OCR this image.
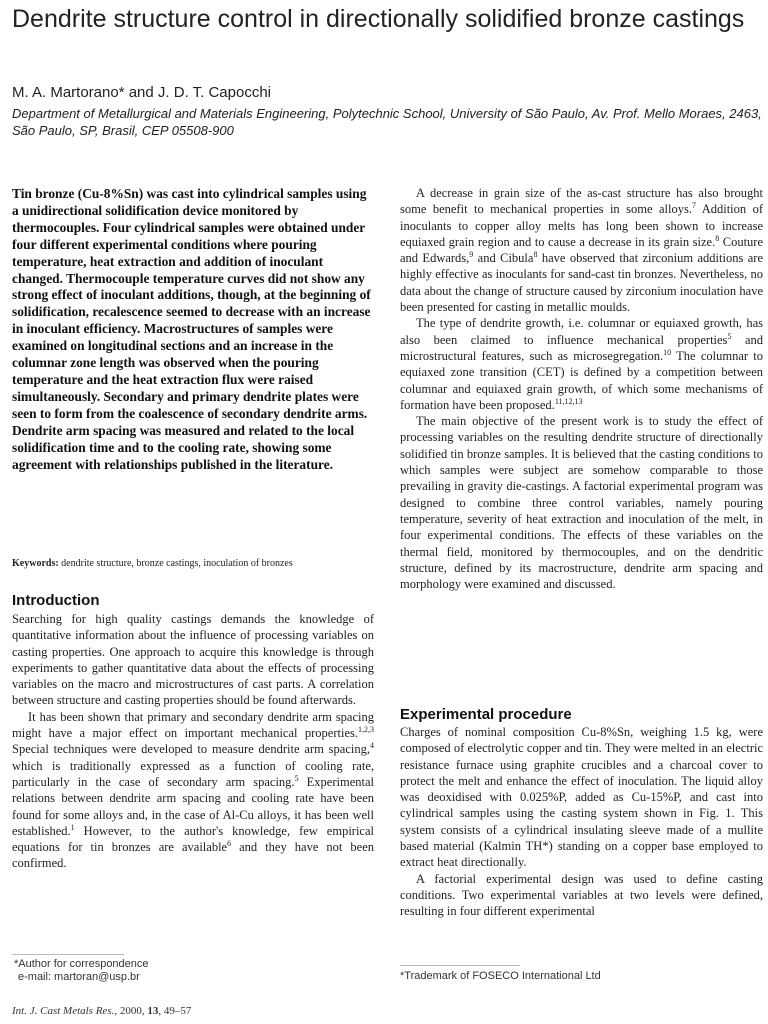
Dendrite structure control in directionally solidified bronze castings
M. A. Martorano* and J. D. T. Capocchi
Department of Metallurgical and Materials Engineering, Polytechnic School, University of São Paulo, Av. Prof. Mello Moraes, 2463, São Paulo, SP, Brasil, CEP 05508-900

Tin bronze (Cu-8%Sn) was cast into cylindrical samples using a unidirectional solidification device monitored by thermocouples. Four cylindrical samples were obtained under four different experimental conditions where pouring temperature, heat extraction and addition of inoculant changed. Thermocouple temperature curves did not show any strong effect of inoculant additions, though, at the beginning of solidification, recalescence seemed to decrease with an increase in inoculant efficiency. Macrostructures of samples were examined on longitudinal sections and an increase in the columnar zone length was observed when the pouring temperature and the heat extraction flux were raised simultaneously. Secondary and primary dendrite plates were seen to form from the coalescence of secondary dendrite arms. Dendrite arm spacing was measured and related to the local solidification time and to the cooling rate, showing some agreement with relationships published in the literature.

Keywords: dendrite structure, bronze castings, inoculation of bronzes
Introduction

Searching for high quality castings demands the knowledge of quantitative information about the influence of processing variables on casting properties. One approach to acquire this knowledge is through experiments to gather quantitative data about the effects of processing variables on the macro and microstructures of cast parts. A correlation between structure and casting properties should be found afterwards.

It has been shown that primary and secondary dendrite arm spacing might have a major effect on important mechanical properties.$^{1,2,3}$ Special techniques were developed to measure dendrite arm spacing,$^4$ which is traditionally expressed as a function of cooling rate, particularly in the case of secondary arm spacing.$^5$ Experimental relations between dendrite arm spacing and cooling rate have been found for some alloys and, in the case of Al-Cu alloys, it has been well established.$^1$ However, to the author's knowledge, few empirical equations for tin bronzes are available$^6$ and they have not been confirmed.

A decrease in grain size of the as-cast structure has also brought some benefit to mechanical properties in some alloys.$^7$ Addition of inoculants to copper alloy melts has long been shown to increase equiaxed grain region and to cause a decrease in its grain size.$^8$ Couture and Edwards,$^9$ and Cibula$^8$ have observed that zirconium additions are highly effective as inoculants for sand-cast tin bronzes. Nevertheless, no data about the change of structure caused by zirconium inoculation have been presented for casting in metallic moulds.

The type of dendrite growth, i.e. columnar or equiaxed growth, has also been claimed to influence mechanical properties$^5$ and microstructural features, such as microsegregation.$^{10}$ The columnar to equiaxed zone transition (CET) is defined by a competition between columnar and equiaxed grain growth, of which some mechanisms of formation have been proposed.$^{11,12,13}$

The main objective of the present work is to study the effect of processing variables on the resulting dendrite structure of directionally solidified tin bronze samples. It is believed that the casting conditions to which samples were subject are somehow comparable to those prevailing in gravity die-castings. A factorial experimental program was designed to combine three control variables, namely pouring temperature, severity of heat extraction and inoculation of the melt, in four experimental conditions. The effects of these variables on the thermal field, monitored by thermocouples, and on the dendritic structure, defined by its macrostructure, dendrite arm spacing and morphology were examined and discussed.

Experimental procedure

Charges of nominal composition Cu-8%Sn, weighing 1.5 kg, were composed of electrolytic copper and tin. They were melted in an electric resistance furnace using graphite crucibles and a charcoal cover to protect the melt and enhance the effect of inoculation. The liquid alloy was deoxidised with 0.025%P, added as Cu-15%P, and cast into cylindrical samples using the casting system shown in Fig. 1. This system consists of a cylindrical insulating sleeve made of a mullite based material (Kalmin TH*) standing on a copper base employed to extract heat directionally.

A factorial experimental design was used to define casting conditions. Two experimental variables at two levels were defined, resulting in four different experimental

*Author for correspondence
e-mail: martoran@usp.br	*Trademark of FOSECO International Ltd
Int. J. Cast Metals Res., 2000, 13, 49–57
